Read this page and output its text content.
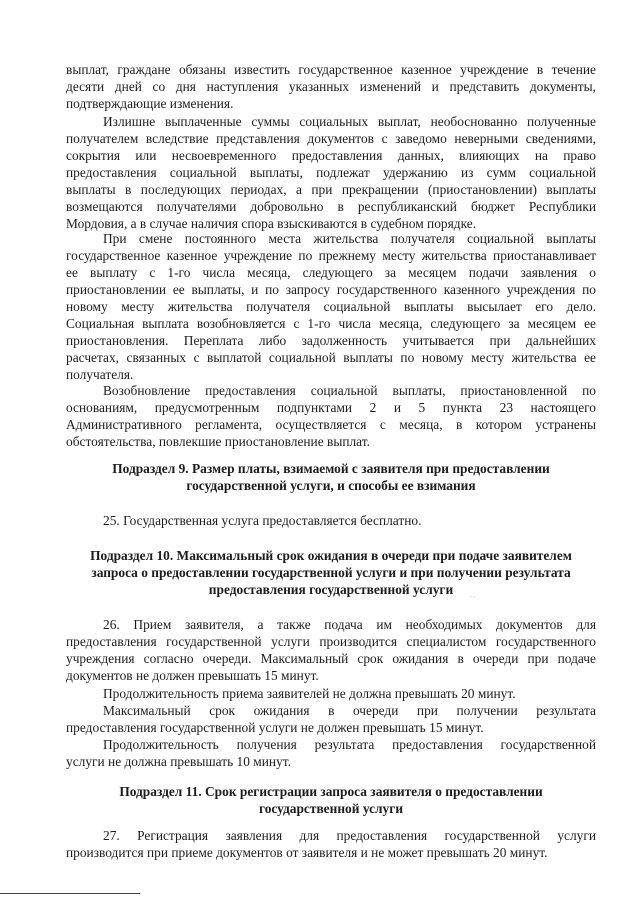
выплат, граждане обязаны известить государственное казенное учреждение в течение

десяти дней со дня наступления указанных изменений и представить документы,

подтверждающие изменения.

Излишне выплаченные суммы социальных выплат, необоснованно полученные

получателем вследствие представления документов с заведомо неверными сведениями,

сокрытия или несвоевременного предоставления данных, влияющих на право

предоставления социальной выплаты, подлежат удержанию из сумм социальной

выплаты в последующих периодах, а при прекращении (приостановлении) выплаты

возмещаются получателями добровольно в республиканский бюджет Республики

Мордовия, а в случае наличия спора взыскиваются в судебном порядке.

При смене постоянного места жительства получателя социальной выплаты

государственное казенное учреждение по прежнему месту жительства приостанавливает

ее выплату с 1-го числа месяца, следующего за месяцем подачи заявления о

приостановлении ее выплаты, и по запросу государственного казенного учреждения по

новому месту жительства получателя социальной выплаты высылает его дело.

Социальная выплата возобновляется с 1-го числа месяца, следующего за месяцем ее

приостановления. Переплата либо задолженность учитывается при дальнейших

расчетах, связанных с выплатой социальной выплаты по новому месту жительства ее

получателя.

Возобновление предоставления социальной выплаты, приостановленной по

основаниям, предусмотренным подпунктами 2 и 5 пункта 23 настоящего

Административного регламента, осуществляется с месяца, в котором устранены

обстоятельства, повлекшие приостановление выплат.

Подраздел 9. Размер платы, взимаемой с заявителя при предоставлении

государственной услуги, и способы ее взимания

25. Государственная услуга предоставляется бесплатно.

Подраздел 10. Максимальный срок ожидания в очереди при подаче заявителем

запроса о предоставлении государственной услуги и при получении результата

предоставления государственной услуги

· ·

26. Прием заявителя, а также подача им необходимых документов для

предоставления государственной услуги производится специалистом государственного

учреждения согласно очереди. Максимальный срок ожидания в очереди при подаче

документов не должен превышать 15 минут.

Продолжительность приема заявителей не должна превышать 20 минут.

Максимальный срок ожидания в очереди при получении результата

предоставления государственной услуги не должен превышать 15 минут.

Продолжительность получения результата предоставления государственной

услуги не должна превышать 10 минут.

Подраздел 11. Срок регистрации запроса заявителя о предоставлении

государственной услуги

27. Регистрация заявления для предоставления государственной услуги

производится при приеме документов от заявителя и не может превышать 20 минут.
